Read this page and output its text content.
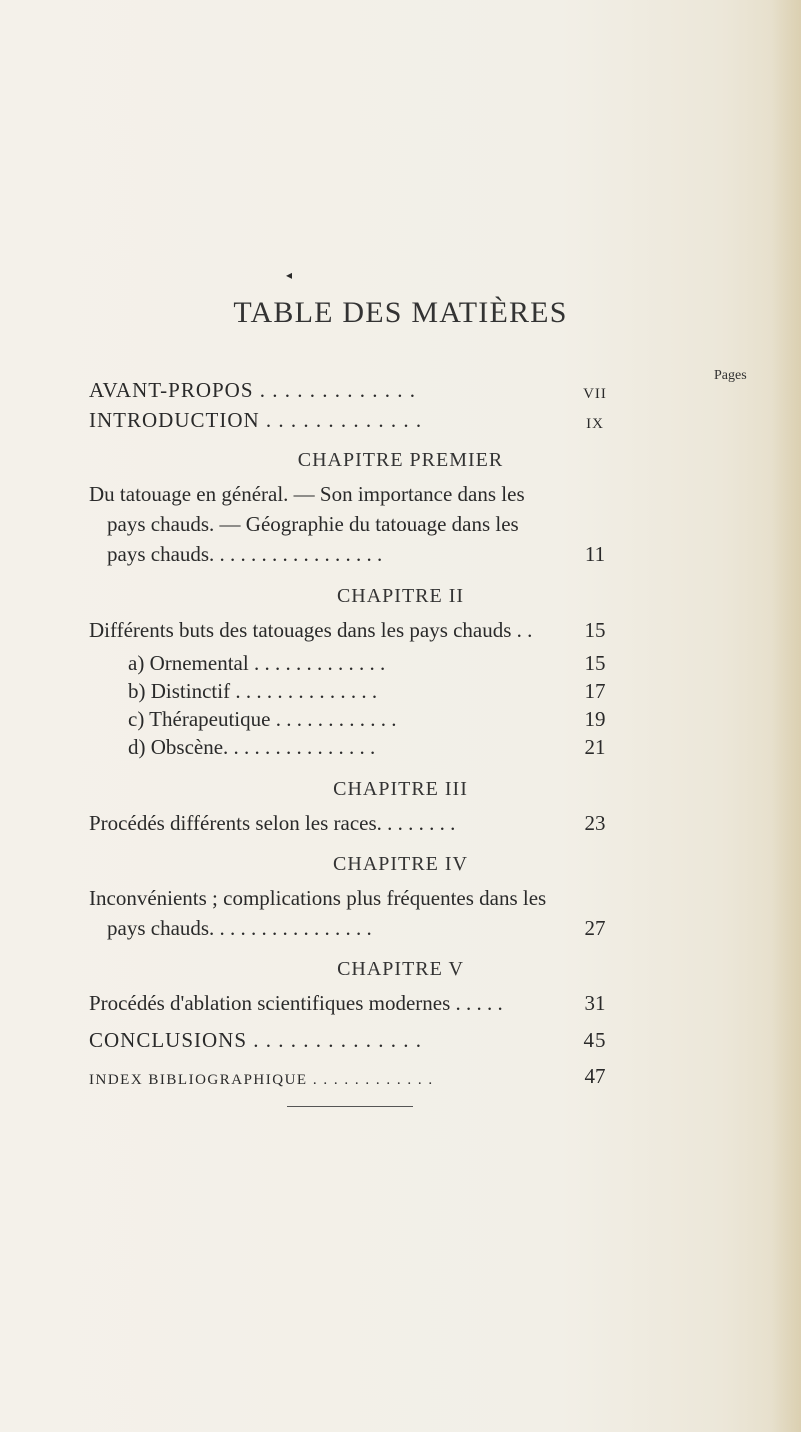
◂
TABLE DES MATIÈRES
Pages
AVANT-PROPOS . . . . . . . . . . . . .	VII
INTRODUCTION . . . . . . . . . . . . .	IX
CHAPITRE PREMIER
Du tatouage en général. — Son importance dans les
pays chauds. — Géographie du tatouage dans les
pays chauds. . . . . . . . . . . . . . . . .	11
CHAPITRE II
Différents buts des tatouages dans les pays chauds . .	15
a) Ornemental . . . . . . . . . . . . .	15
b) Distinctif . . . . . . . . . . . . . .	17
c) Thérapeutique . . . . . . . . . . . .	19
d) Obscène. . . . . . . . . . . . . . .	21
CHAPITRE III
Procédés différents selon les races. . . . . . . .	23
CHAPITRE IV
Inconvénients ; complications plus fréquentes dans les
pays chauds. . . . . . . . . . . . . . . .	27
CHAPITRE V
Procédés d'ablation scientifiques modernes . . . . .	31
CONCLUSIONS . . . . . . . . . . . . . .	45
INDEX BIBLIOGRAPHIQUE . . . . . . . . . . . .	47
